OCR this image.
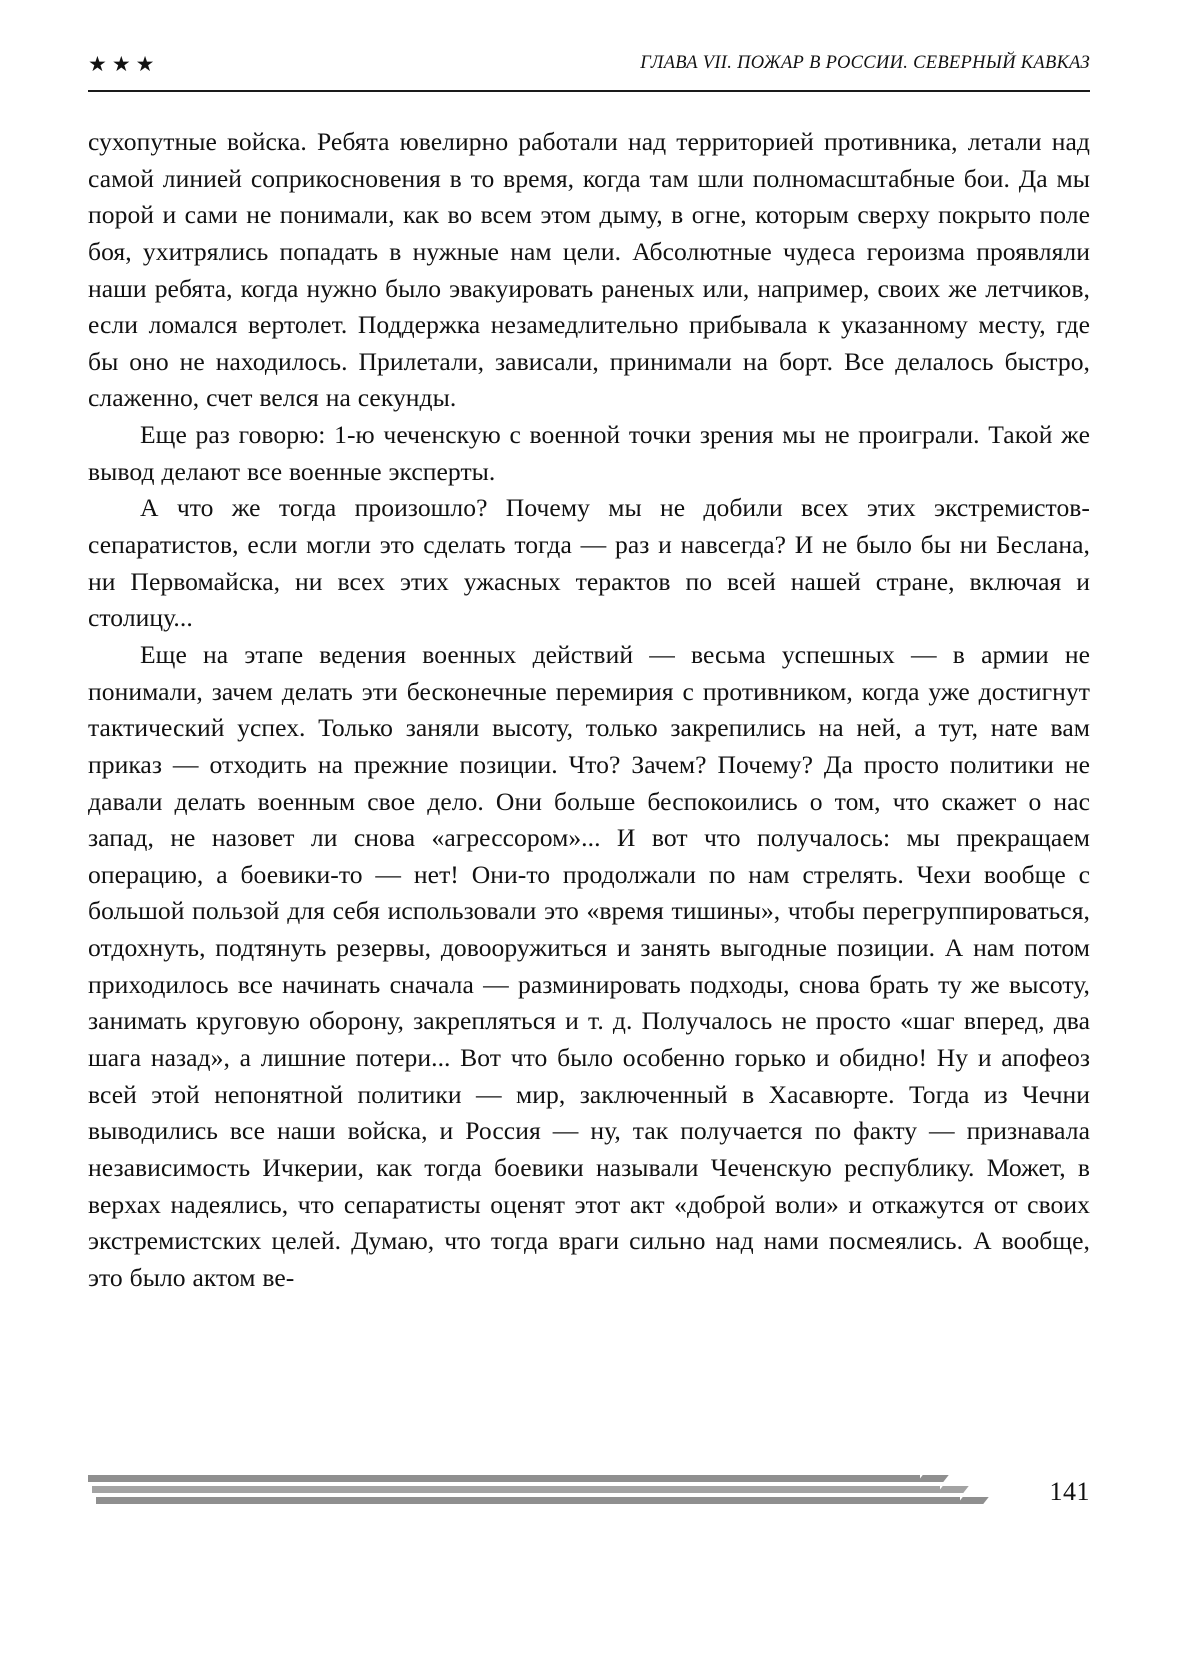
★★★	ГЛАВА VII. ПОЖАР В РОССИИ. СЕВЕРНЫЙ КАВКАЗ

сухопутные войска. Ребята ювелирно работали над территорией противника, летали над самой линией соприкосновения в то время, когда там шли полномасштабные бои. Да мы порой и сами не понимали, как во всем этом дыму, в огне, которым сверху покрыто поле боя, ухитрялись попадать в нужные нам цели. Абсолютные чудеса героизма проявляли наши ребята, когда нужно было эвакуировать раненых или, например, своих же летчиков, если ломался вертолет. Поддержка незамедлительно прибывала к указанному месту, где бы оно не находилось. Прилетали, зависали, принимали на борт. Все делалось быстро, слаженно, счет велся на секунды.

Еще раз говорю: 1-ю чеченскую с военной точки зрения мы не проиграли. Такой же вывод делают все военные эксперты.

А что же тогда произошло? Почему мы не добили всех этих экстремистов-сепаратистов, если могли это сделать тогда — раз и навсегда? И не было бы ни Беслана, ни Первомайска, ни всех этих ужасных терактов по всей нашей стране, включая и столицу...

Еще на этапе ведения военных действий — весьма успешных — в армии не понимали, зачем делать эти бесконечные перемирия с противником, когда уже достигнут тактический успех. Только заняли высоту, только закрепились на ней, а тут, нате вам приказ — отходить на прежние позиции. Что? Зачем? Почему? Да просто политики не давали делать военным свое дело. Они больше беспокоились о том, что скажет о нас запад, не назовет ли снова «агрессором»... И вот что получалось: мы прекращаем операцию, а боевики-то — нет! Они-то продолжали по нам стрелять. Чехи вообще с большой пользой для себя использовали это «время тишины», чтобы перегруппироваться, отдохнуть, подтянуть резервы, довооружиться и занять выгодные позиции. А нам потом приходилось все начинать сначала — разминировать подходы, снова брать ту же высоту, занимать круговую оборону, закрепляться и т. д. Получалось не просто «шаг вперед, два шага назад», а лишние потери... Вот что было особенно горько и обидно! Ну и апофеоз всей этой непонятной политики — мир, заключенный в Хасавюрте. Тогда из Чечни выводились все наши войска, и Россия — ну, так получается по факту — признавала независимость Ичкерии, как тогда боевики называли Чеченскую республику. Может, в верхах надеялись, что сепаратисты оценят этот акт «доброй воли» и откажутся от своих экстремистских целей. Думаю, что тогда враги сильно над нами посмеялись. А вообще, это было актом ве-

141
